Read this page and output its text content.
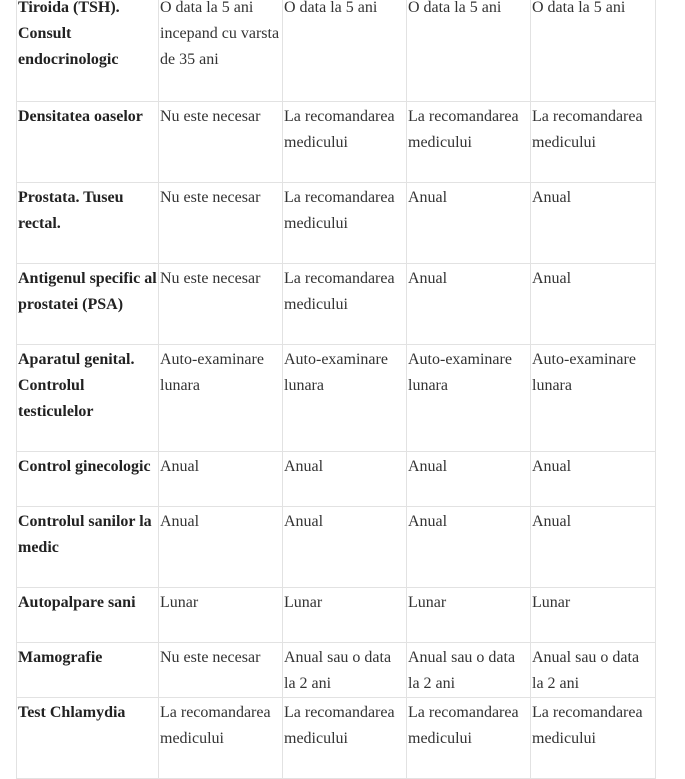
Tiroida (TSH). Consult endocrinologic	O data la 5 ani incepand cu varsta de 35 ani	O data la 5 ani	O data la 5 ani	O data la 5 ani

Densitatea oaselor	Nu este necesar	La recomandarea medicului	La recomandarea medicului	La recomandarea medicului

Prostata. Tuseu rectal.	Nu este necesar	La recomandarea medicului	Anual	Anual

Antigenul specific al prostatei (PSA)	Nu este necesar	La recomandarea medicului	Anual	Anual

Aparatul genital. Controlul testiculelor	Auto-examinare lunara	Auto-examinare lunara	Auto-examinare lunara	Auto-examinare lunara

Control ginecologic	Anual	Anual	Anual	Anual

Controlul sanilor la medic	Anual	Anual	Anual	Anual

Autopalpare sani	Lunar	Lunar	Lunar	Lunar

Mamografie	Nu este necesar	Anual sau o data la 2 ani	Anual sau o data la 2 ani	Anual sau o data la 2 ani

Test Chlamydia	La recomandarea medicului	La recomandarea medicului	La recomandarea medicului	La recomandarea medicului
